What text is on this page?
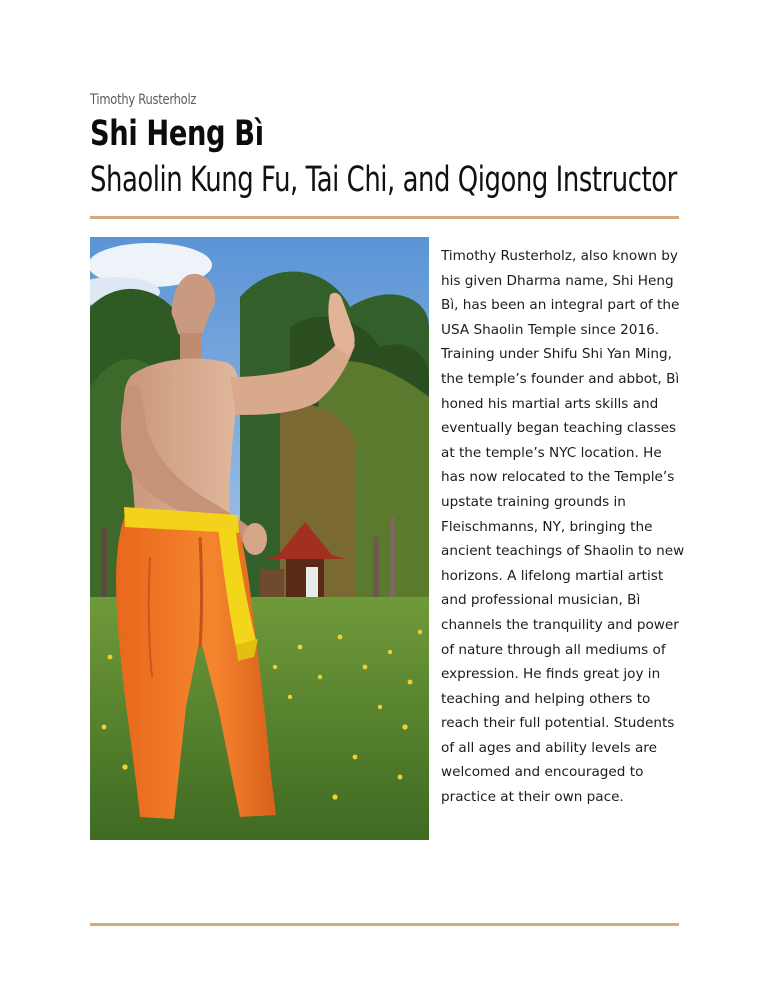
Timothy Rusterholz
Shi Heng Bì
Shaolin Kung Fu, Tai Chi, and Qigong Instructor

Timothy Rusterholz, also known by his given Dharma name, Shi Heng Bì, has been an integral part of the USA Shaolin Temple since 2016. Training under Shifu Shi Yan Ming, the temple’s founder and abbot, Bì honed his martial arts skills and eventually began teaching classes at the temple’s NYC location. He has now relocated to the Temple’s upstate training grounds in Fleischmanns, NY, bringing the ancient teachings of Shaolin to new horizons. A lifelong martial artist and professional musician, Bì channels the tranquility and power of nature through all mediums of expression. He finds great joy in teaching and helping others to reach their full potential. Students of all ages and ability levels are welcomed and encouraged to practice at their own pace.
